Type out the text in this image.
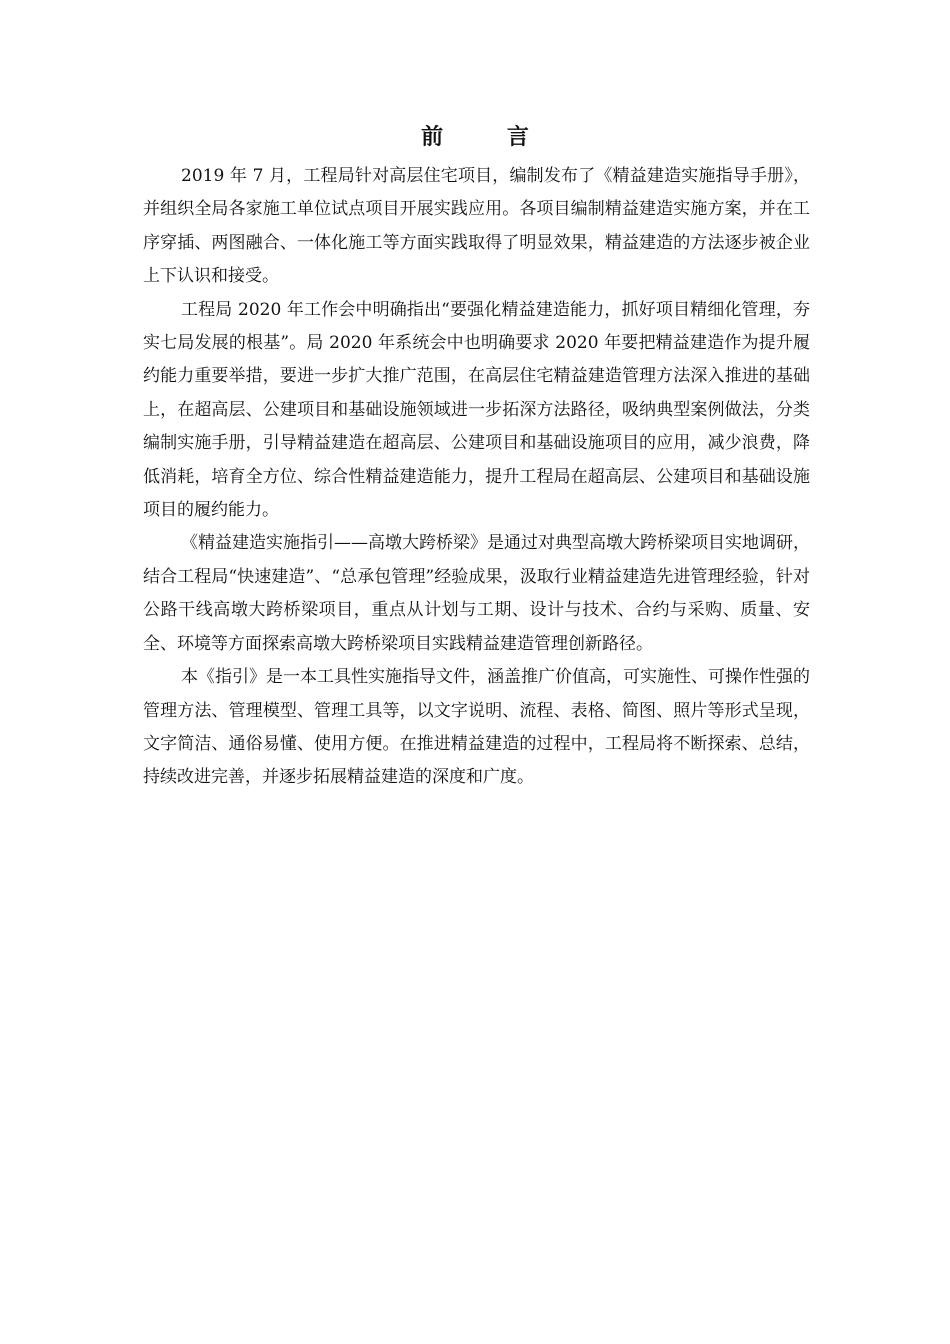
前 言

2019 年 7 月，工程局针对高层住宅项目，编制发布了《精益建造实施指导手册》，并组织全局各家施工单位试点项目开展实践应用。各项目编制精益建造实施方案，并在工序穿插、两图融合、一体化施工等方面实践取得了明显效果，精益建造的方法逐步被企业上下认识和接受。

工程局 2020 年工作会中明确指出“要强化精益建造能力，抓好项目精细化管理，夯实七局发展的根基”。局 2020 年系统会中也明确要求 2020 年要把精益建造作为提升履约能力重要举措，要进一步扩大推广范围，在高层住宅精益建造管理方法深入推进的基础上，在超高层、公建项目和基础设施领域进一步拓深方法路径，吸纳典型案例做法，分类编制实施手册，引导精益建造在超高层、公建项目和基础设施项目的应用，减少浪费，降低消耗，培育全方位、综合性精益建造能力，提升工程局在超高层、公建项目和基础设施项目的履约能力。

《精益建造实施指引——高墩大跨桥梁》是通过对典型高墩大跨桥梁项目实地调研，结合工程局“快速建造”、“总承包管理”经验成果，汲取行业精益建造先进管理经验，针对公路干线高墩大跨桥梁项目，重点从计划与工期、设计与技术、合约与采购、质量、安全、环境等方面探索高墩大跨桥梁项目实践精益建造管理创新路径。

本《指引》是一本工具性实施指导文件，涵盖推广价值高，可实施性、可操作性强的管理方法、管理模型、管理工具等，以文字说明、流程、表格、简图、照片等形式呈现，文字简洁、通俗易懂、使用方便。在推进精益建造的过程中，工程局将不断探索、总结，持续改进完善，并逐步拓展精益建造的深度和广度。
